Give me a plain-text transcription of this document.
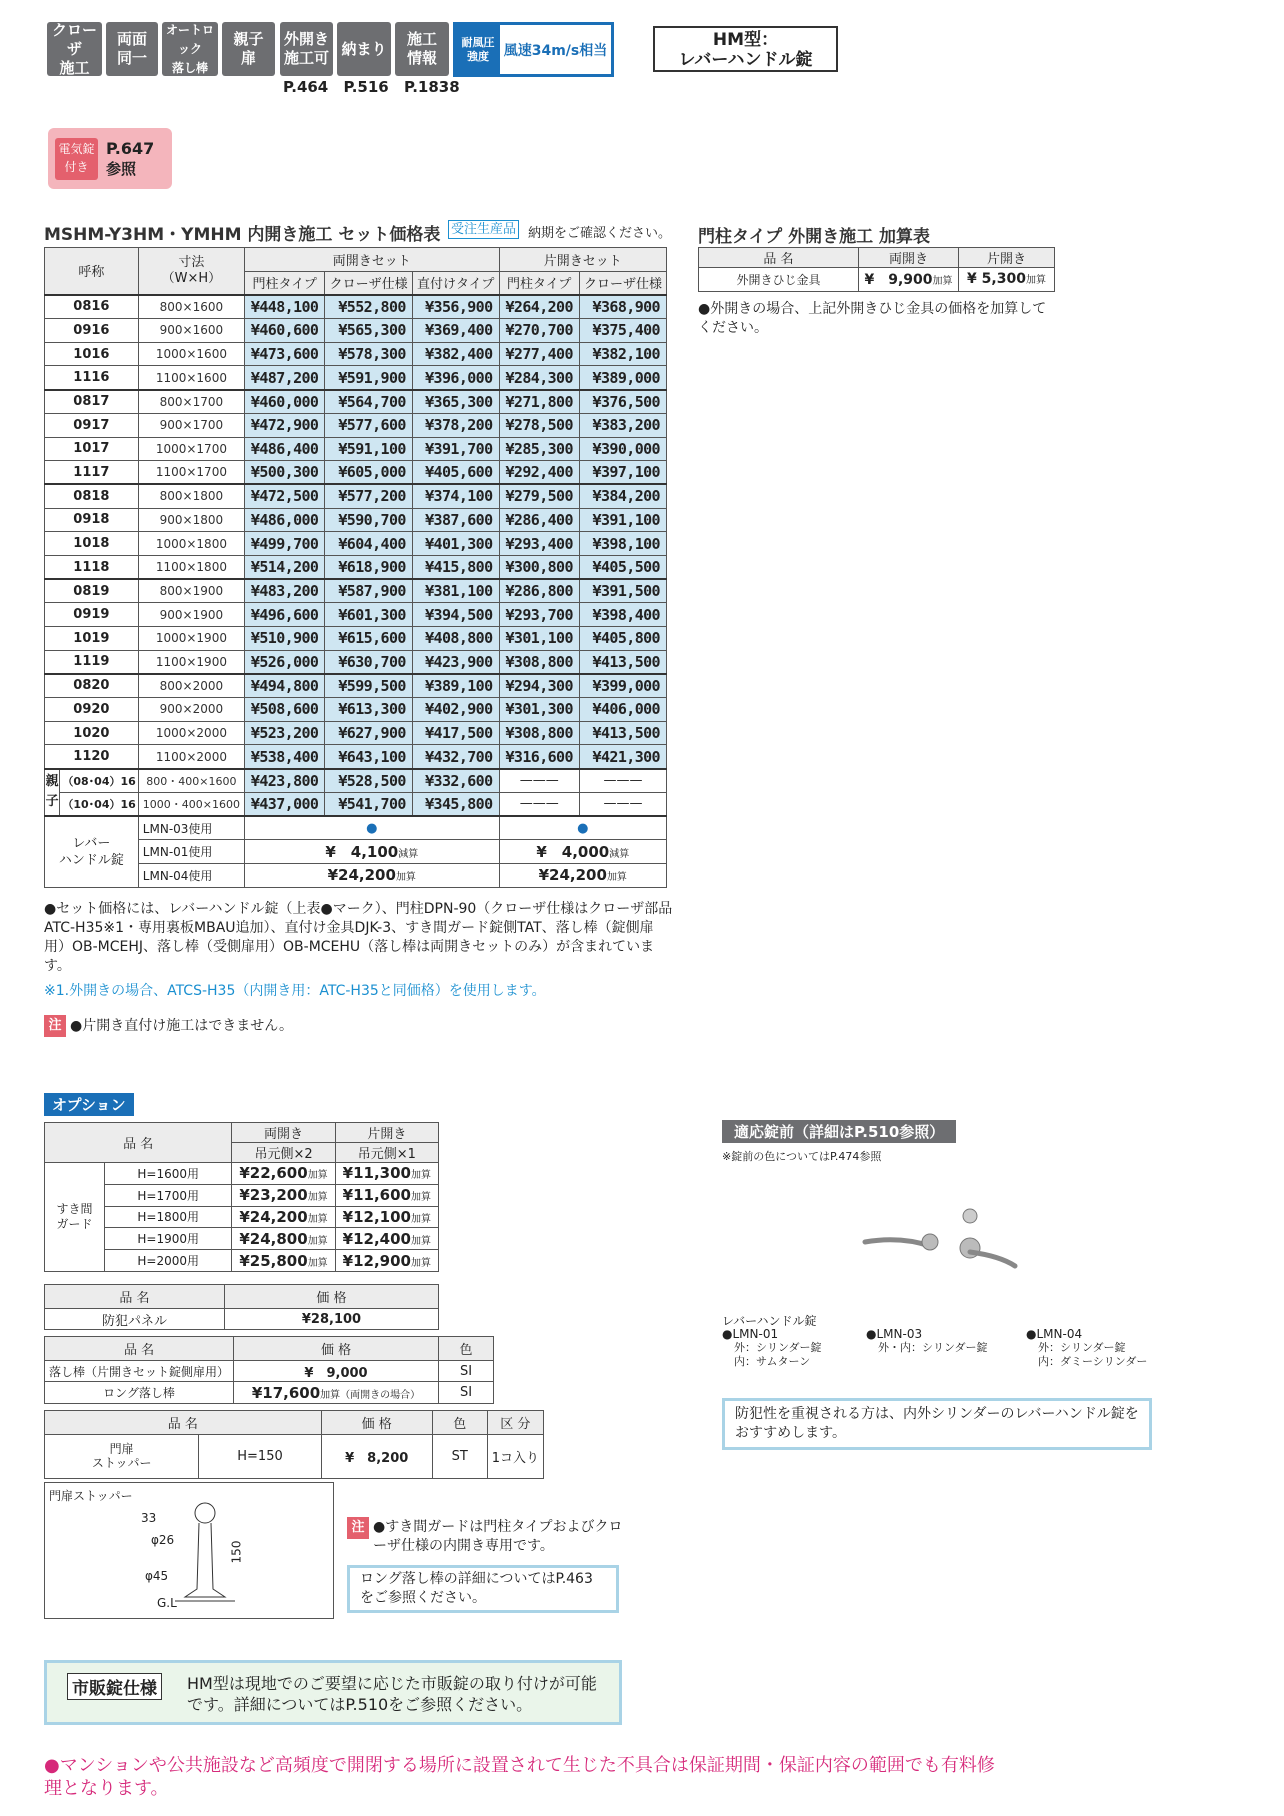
クローザ
施工
両面
同一
オートロック
落し棒
親子
扉
外開き
施工可
納まり
施工
情報
P.464 P.516 P.1838
耐風圧
強度	風速34m/s相当
HM型：
レバーハンドル錠
電気錠
付き
P.647
参照
MSHM-Y3HM・YMHM 内開き施工 セット価格表 受注生産品 納期をご確認ください。
呼称		寸法
（W×H）	両開きセット			片開きセット	
			門柱タイプ	クローザ仕様	直付けタイプ	門柱タイプ	クローザ仕様
0816		800×1600	¥448,100	¥552,800	¥356,900	¥264,200	¥368,900
0916		900×1600	¥460,600	¥565,300	¥369,400	¥270,700	¥375,400
1016		1000×1600	¥473,600	¥578,300	¥382,400	¥277,400	¥382,100
1116		1100×1600	¥487,200	¥591,900	¥396,000	¥284,300	¥389,000
0817		800×1700	¥460,000	¥564,700	¥365,300	¥271,800	¥376,500
0917		900×1700	¥472,900	¥577,600	¥378,200	¥278,500	¥383,200
1017		1000×1700	¥486,400	¥591,100	¥391,700	¥285,300	¥390,000
1117		1100×1700	¥500,300	¥605,000	¥405,600	¥292,400	¥397,100
0818		800×1800	¥472,500	¥577,200	¥374,100	¥279,500	¥384,200
0918		900×1800	¥486,000	¥590,700	¥387,600	¥286,400	¥391,100
1018		1000×1800	¥499,700	¥604,400	¥401,300	¥293,400	¥398,100
1118		1100×1800	¥514,200	¥618,900	¥415,800	¥300,800	¥405,500
0819		800×1900	¥483,200	¥587,900	¥381,100	¥286,800	¥391,500
0919		900×1900	¥496,600	¥601,300	¥394,500	¥293,700	¥398,400
1019		1000×1900	¥510,900	¥615,600	¥408,800	¥301,100	¥405,800
1119		1100×1900	¥526,000	¥630,700	¥423,900	¥308,800	¥413,500
0820		800×2000	¥494,800	¥599,500	¥389,100	¥294,300	¥399,000
0920		900×2000	¥508,600	¥613,300	¥402,900	¥301,300	¥406,000
1020		1000×2000	¥523,200	¥627,900	¥417,500	¥308,800	¥413,500
1120		1100×2000	¥538,400	¥643,100	¥432,700	¥316,600	¥421,300
親
子	（08･04）16	800・400×1600	¥423,800	¥528,500	¥332,600	———	———
	（10･04）16	1000・400×1600	¥437,000	¥541,700	¥345,800	———	———
レバー
ハンドル錠		LMN-03使用	●			●	
		LMN-01使用	¥　4,100減算			¥　4,000減算	
		LMN-04使用	¥24,200加算			¥24,200加算	
●セット価格には、レバーハンドル錠（上表●マーク）、門柱DPN-90（クローザ仕様はクローザ部品ATC-H35※1・専用裏板MBAU追加）、直付け金具DJK-3、すき間ガード錠側TAT、落し棒（錠側扉用）OB-MCEHJ、落し棒（受側扉用）OB-MCEHU（落し棒は両開きセットのみ）が含まれています。
※1.外開きの場合、ATCS-H35（内開き用：ATC-H35と同価格）を使用します。
注 ●片開き直付け施工はできません。
門柱タイプ 外開き施工 加算表
品 名	両開き	片開き
外開きひじ金具	¥　9,900加算	¥ 5,300加算
●外開きの場合、上記外開きひじ金具の価格を加算してください。
オプション
品 名		両開き	片開き
		吊元側×2	吊元側×1
すき間
ガード	H=1600用	¥22,600加算	¥11,300加算
	H=1700用	¥23,200加算	¥11,600加算
	H=1800用	¥24,200加算	¥12,100加算
	H=1900用	¥24,800加算	¥12,400加算
	H=2000用	¥25,800加算	¥12,900加算
品 名	価 格
防犯パネル	¥28,100
品 名	価 格	色
落し棒（片開きセット錠側扉用）	¥　9,000	SI
ロング落し棒	¥17,600加算（両開きの場合）	SI
品 名		価 格	色	区 分
門扉
ストッパー	H=150	¥　8,200	ST	1コ入り
門扉ストッパー
33
φ26
φ45
G.L
150
注 ●すき間ガードは門柱タイプおよびクローザ仕様の内開き専用です。
ロング落し棒の詳細についてはP.463をご参照ください。
適応錠前（詳細はP.510参照）
※錠前の色についてはP.474参照
レバーハンドル錠
●LMN-01
外：シリンダー錠
内：サムターン
●LMN-03
外・内：シリンダー錠
●LMN-04
外：シリンダー錠
内：ダミーシリンダー
防犯性を重視される方は、内外シリンダーのレバーハンドル錠をおすすめします。
市販錠仕様	HM型は現地でのご要望に応じた市販錠の取り付けが可能です。詳細についてはP.510をご参照ください。
●マンションや公共施設など高頻度で開閉する場所に設置されて生じた不具合は保証期間・保証内容の範囲でも有料修理となります。
